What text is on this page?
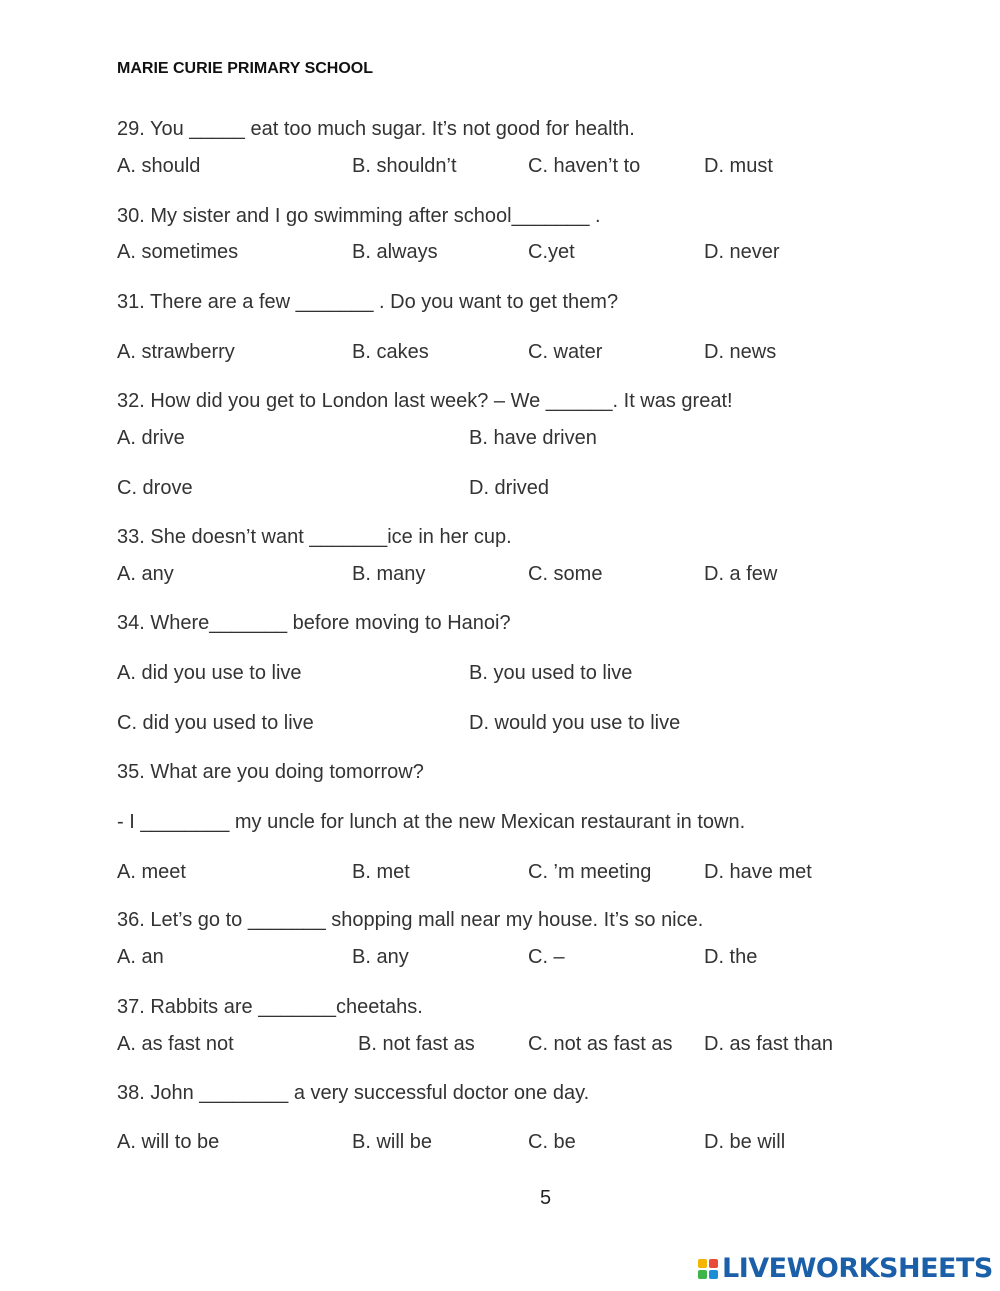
MARIE CURIE PRIMARY SCHOOL
29. You _____ eat too much sugar. It’s not good for health.
A. should	B. shouldn’t	C. haven’t to	D. must
30. My sister and I go swimming after school_______ .
A. sometimes	B. always	C.yet	D. never
31. There are a few _______ . Do you want to get them?
A. strawberry	B. cakes	C. water	D. news
32. How did you get to London last week? – We ______. It was great!
A. drive	B. have driven
C. drove	D. drived
33. She doesn’t want _______ice in her cup.
A. any	B. many	C. some	D. a few
34. Where_______ before moving to Hanoi?
A. did you use to live	B. you used to live
C. did you used to live	D. would you use to live
35. What are you doing tomorrow?
- I ________ my uncle for lunch at the new Mexican restaurant in town.
A. meet	B. met	C. ’m meeting	D. have met
36. Let’s go to _______ shopping mall near my house. It’s so nice.
A. an	B. any	C. –	D. the
37. Rabbits are _______cheetahs.
A. as fast not	B. not fast as	C. not as fast as D. as fast than
38. John ________ a very successful doctor one day.
A. will to be	B. will be	C. be	D. be will
5
LIVEWORKSHEETS
